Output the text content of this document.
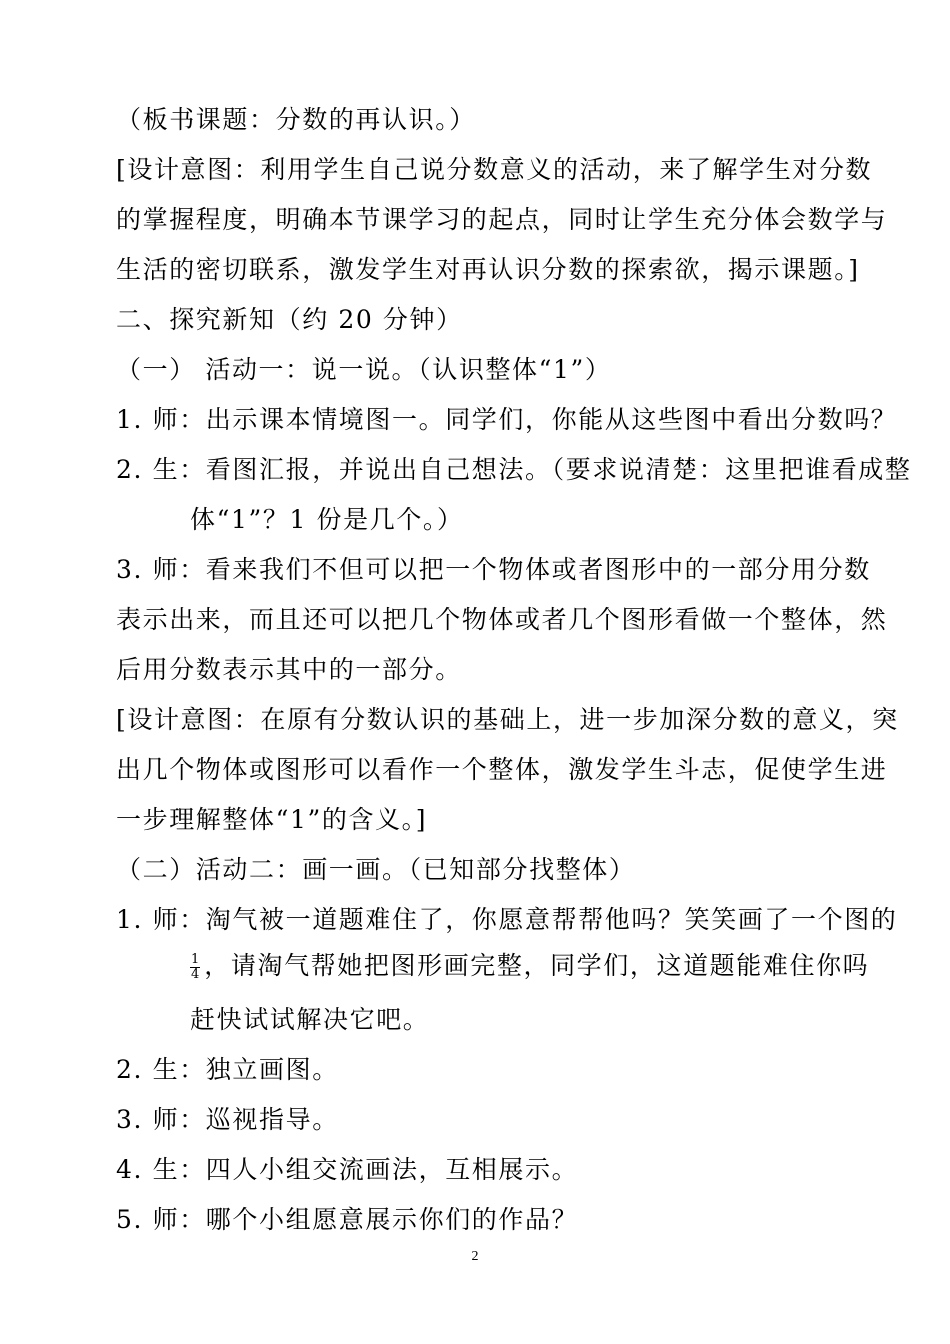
（板书课题：分数的再认识。）
[设计意图：利用学生自己说分数意义的活动，来了解学生对分数
的掌握程度，明确本节课学习的起点，同时让学生充分体会数学与
生活的密切联系，激发学生对再认识分数的探索欲，揭示课题。]
二、探究新知（约 20 分钟）
（一） 活动一：说一说。（认识整体“1”）
1. 师：出示课本情境图一。同学们，你能从这些图中看出分数吗？
2. 生：看图汇报，并说出自己想法。（要求说清楚：这里把谁看成整
体“1”？1 份是几个。）
3. 师：看来我们不但可以把一个物体或者图形中的一部分用分数
表示出来，而且还可以把几个物体或者几个图形看做一个整体，然
后用分数表示其中的一部分。
[设计意图：在原有分数认识的基础上，进一步加深分数的意义，突
出几个物体或图形可以看作一个整体，激发学生斗志，促使学生进
一步理解整体“1”的含义。]
（二）活动二：画一画。（已知部分找整体）
1. 师：淘气被一道题难住了，你愿意帮帮他吗？笑笑画了一个图的
$\frac{1}{4}$ ，请淘气帮她把图形画完整，同学们，这道题能难住你吗
赶快试试解决它吧。
2. 生：独立画图。
3. 师：巡视指导。
4. 生：四人小组交流画法，互相展示。
5. 师：哪个小组愿意展示你们的作品？
2
